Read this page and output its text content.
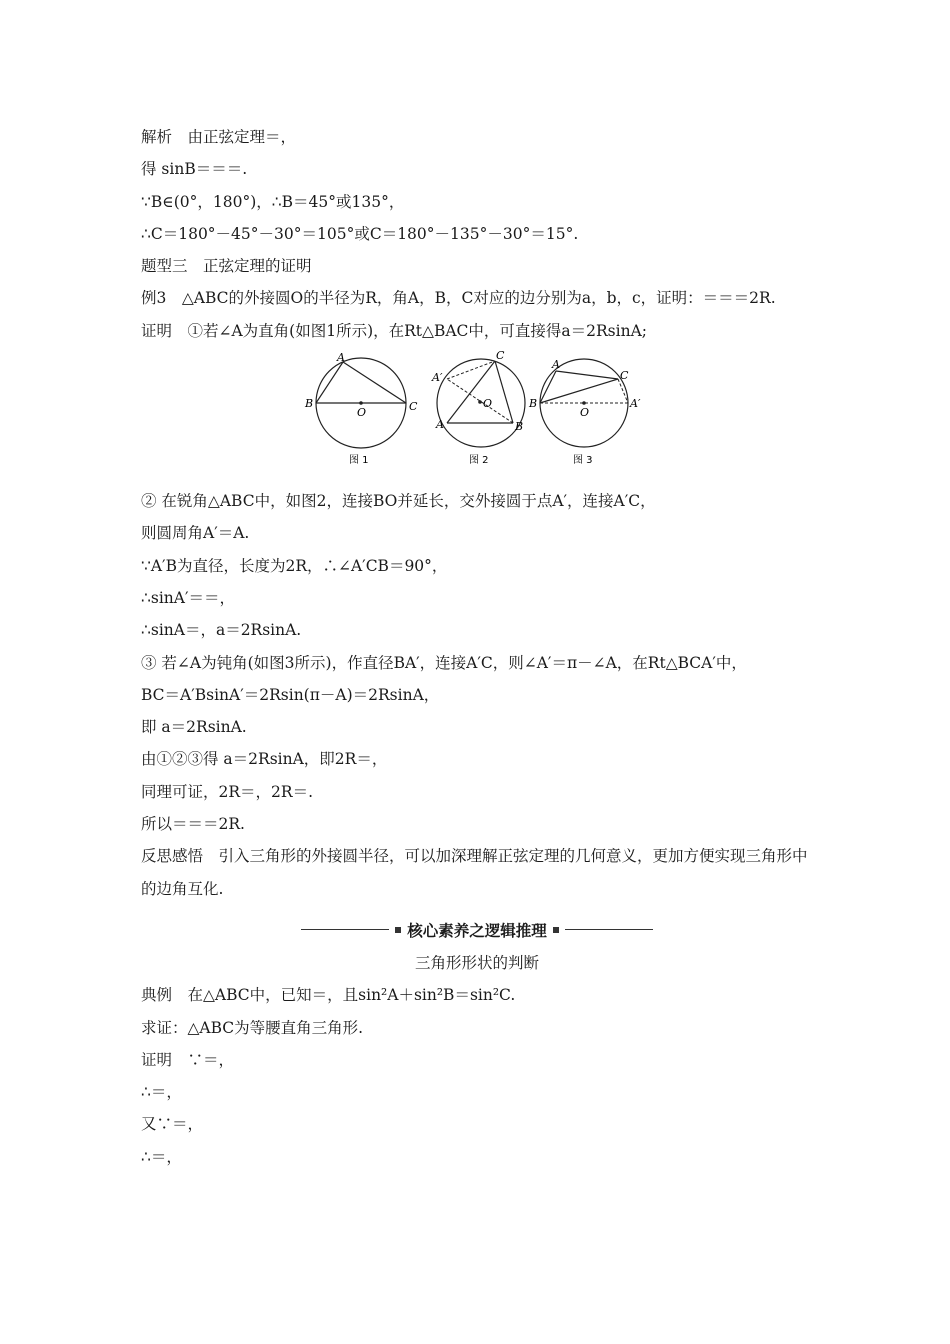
解析　由正弦定理＝，
得 sinB＝＝＝.
∵B∈(0°，180°)，∴B＝45°或135°，
∴C＝180°－45°－30°＝105°或C＝180°－135°－30°＝15°.
题型三　正弦定理的证明
例3　△ABC的外接圆O的半径为R，角A，B，C对应的边分别为a，b，c，证明：＝＝＝2R.
证明　①若∠A为直角(如图1所示)，在Rt△BAC中，可直接得a＝2RsinA;
A
B	C
O
图 1
C
A′
A	B
O
图 2
A
C
B	A′
O
图 3
② 在锐角△ABC中，如图2，连接BO并延长，交外接圆于点A′，连接A′C，
则圆周角A′＝A.
∵A′B为直径，长度为2R，∴∠A′CB＝90°，
∴sinA′＝＝，
∴sinA＝，a＝2RsinA.
③ 若∠A为钝角(如图3所示)，作直径BA′，连接A′C，则∠A′＝π－∠A，在Rt△BCA′中，
BC＝A′BsinA′＝2Rsin(π－A)＝2RsinA，
即 a＝2RsinA.
由①②③得 a＝2RsinA，即2R＝，
同理可证，2R＝，2R＝.
所以＝＝＝2R.
反思感悟　引入三角形的外接圆半径，可以加深理解正弦定理的几何意义，更加方便实现三角形中的边角互化.
核心素养之逻辑推理
三角形形状的判断
典例　在△ABC中，已知＝，且sin²A＋sin²B＝sin²C.
求证：△ABC为等腰直角三角形.
证明　∵＝，
∴＝，
又∵＝，
∴＝，
